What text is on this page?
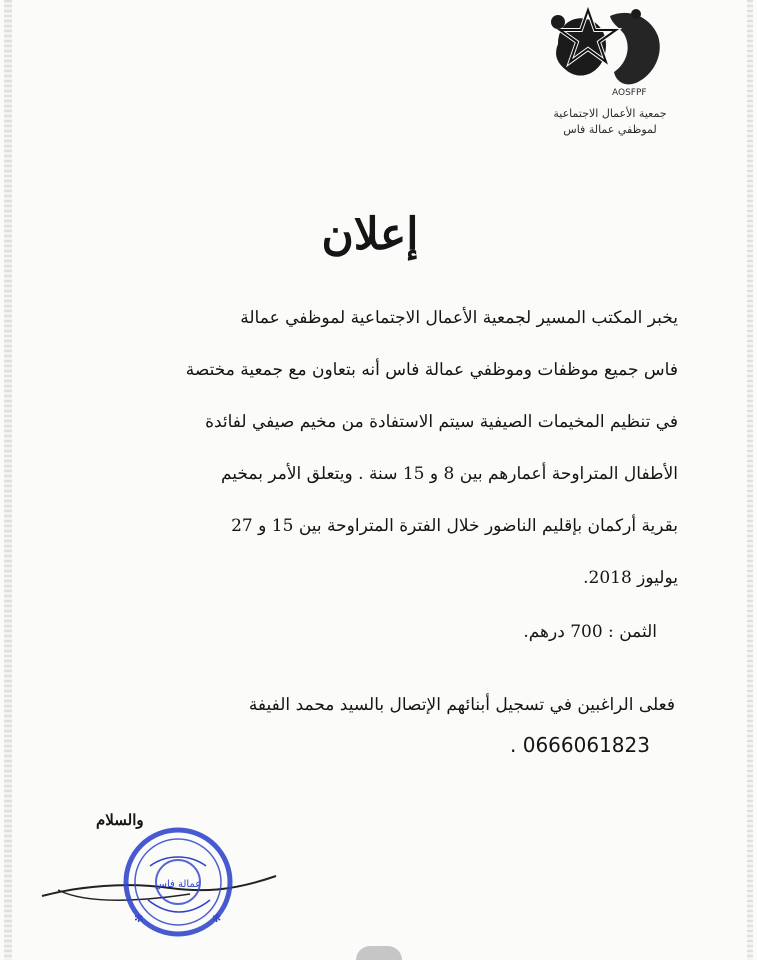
AOSFPF
جمعية الأعمال الاجتماعية
لموظفي عمالة فاس
إعلان
يخبر المكتب المسير لجمعية الأعمال الاجتماعية لموظفي عمالة
فاس جميع موظفات وموظفي عمالة فاس أنه بتعاون مع جمعية مختصة
في تنظيم المخيمات الصيفية سيتم الاستفادة من مخيم صيفي لفائدة
الأطفال المتراوحة أعمارهم بين 8 و 15 سنة . ويتعلق الأمر بمخيم
بقرية أركمان بإقليم الناضور خلال الفترة المتراوحة بين 15 و 27
يوليوز 2018.
الثمن : 700 درهم.
فعلى الراغبين في تسجيل أبنائهم الإتصال بالسيد محمد الفيفة
0666061823 .
والسلام
عمالة فاس
✻	✻
